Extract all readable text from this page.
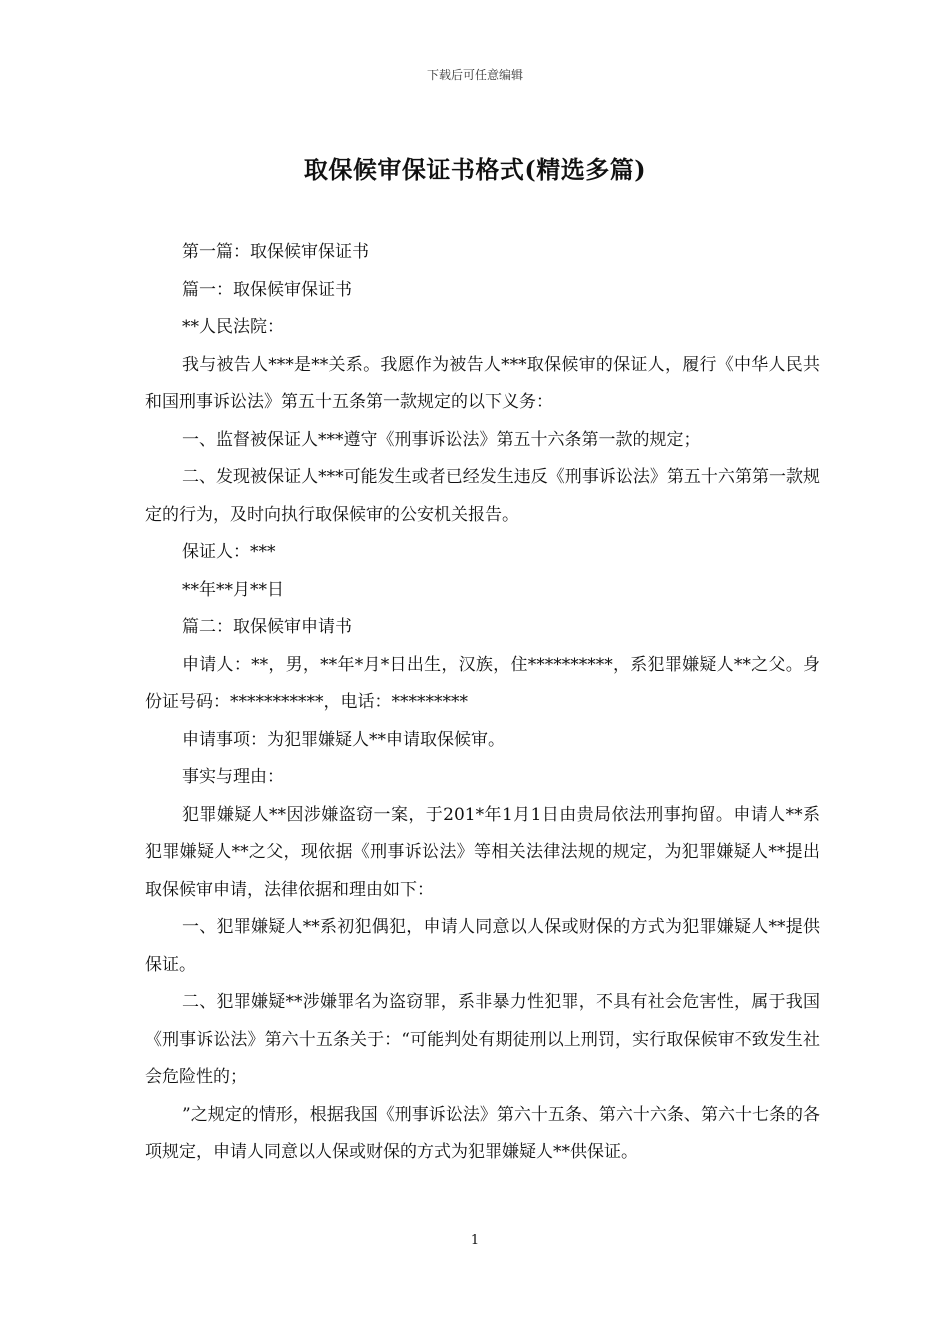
下载后可任意编辑
取保候审保证书格式(精选多篇)

第一篇：取保候审保证书

篇一：取保候审保证书

**人民法院：

我与被告人***是**关系。我愿作为被告人***取保候审的保证人，履行《中华人民共和国刑事诉讼法》第五十五条第一款规定的以下义务：

一、监督被保证人***遵守《刑事诉讼法》第五十六条第一款的规定；

二、发现被保证人***可能发生或者已经发生违反《刑事诉讼法》第五十六第第一款规定的行为，及时向执行取保候审的公安机关报告。

保证人：***

**年**月**日

篇二：取保候审申请书

申请人：**，男，**年*月*日出生，汉族，住**********，系犯罪嫌疑人**之父。身份证号码：***********，电话：*********

申请事项：为犯罪嫌疑人**申请取保候审。

事实与理由：

犯罪嫌疑人**因涉嫌盗窃一案，于201*年1月1日由贵局依法刑事拘留。申请人**系犯罪嫌疑人**之父，现依据《刑事诉讼法》等相关法律法规的规定，为犯罪嫌疑人**提出取保候审申请，法律依据和理由如下：

一、犯罪嫌疑人**系初犯偶犯，申请人同意以人保或财保的方式为犯罪嫌疑人**提供保证。

二、犯罪嫌疑**涉嫌罪名为盗窃罪，系非暴力性犯罪，不具有社会危害性，属于我国《刑事诉讼法》第六十五条关于：“可能判处有期徒刑以上刑罚，实行取保候审不致发生社会危险性的；

”之规定的情形，根据我国《刑事诉讼法》第六十五条、第六十六条、第六十七条的各项规定，申请人同意以人保或财保的方式为犯罪嫌疑人**供保证。

1
